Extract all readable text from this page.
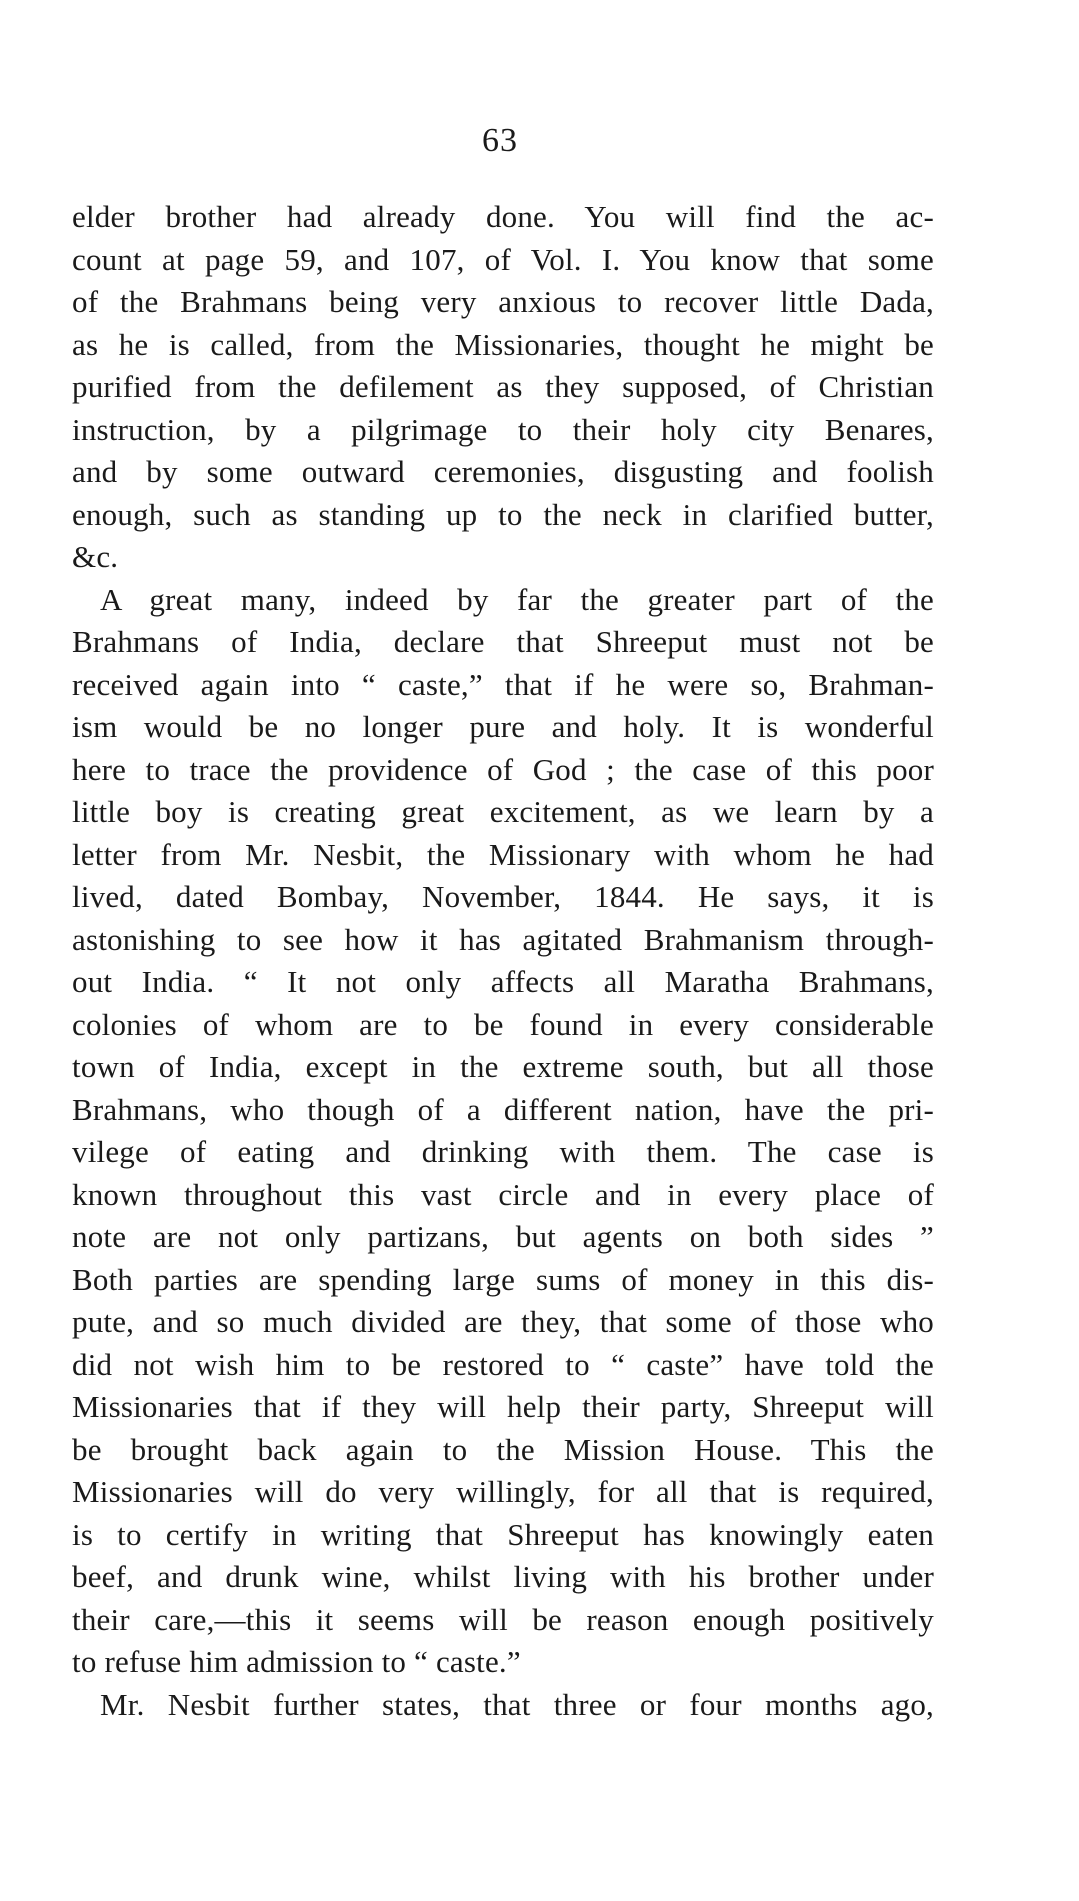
63
elder brother had already done. You will find the ac-
count at page 59, and 107, of Vol. I. You know that some
of the Brahmans being very anxious to recover little Dada,
as he is called, from the Missionaries, thought he might be
purified from the defilement as they supposed, of Christian
instruction, by a pilgrimage to their holy city Benares,
and by some outward ceremonies, disgusting and foolish
enough, such as standing up to the neck in clarified butter,
&c.
A great many, indeed by far the greater part of the
Brahmans of India, declare that Shreeput must not be
received again into “ caste,” that if he were so, Brahman-
ism would be no longer pure and holy. It is wonderful
here to trace the providence of God ; the case of this poor
little boy is creating great excitement, as we learn by a
letter from Mr. Nesbit, the Missionary with whom he had
lived, dated Bombay, November, 1844. He says, it is
astonishing to see how it has agitated Brahmanism through-
out India. “ It not only affects all Maratha Brahmans,
colonies of whom are to be found in every considerable
town of India, except in the extreme south, but all those
Brahmans, who though of a different nation, have the pri-
vilege of eating and drinking with them. The case is
known throughout this vast circle and in every place of
note are not only partizans, but agents on both sides ”
Both parties are spending large sums of money in this dis-
pute, and so much divided are they, that some of those who
did not wish him to be restored to “ caste” have told the
Missionaries that if they will help their party, Shreeput will
be brought back again to the Mission House. This the
Missionaries will do very willingly, for all that is required,
is to certify in writing that Shreeput has knowingly eaten
beef, and drunk wine, whilst living with his brother under
their care,—this it seems will be reason enough positively
to refuse him admission to “ caste.”
Mr. Nesbit further states, that three or four months ago,
